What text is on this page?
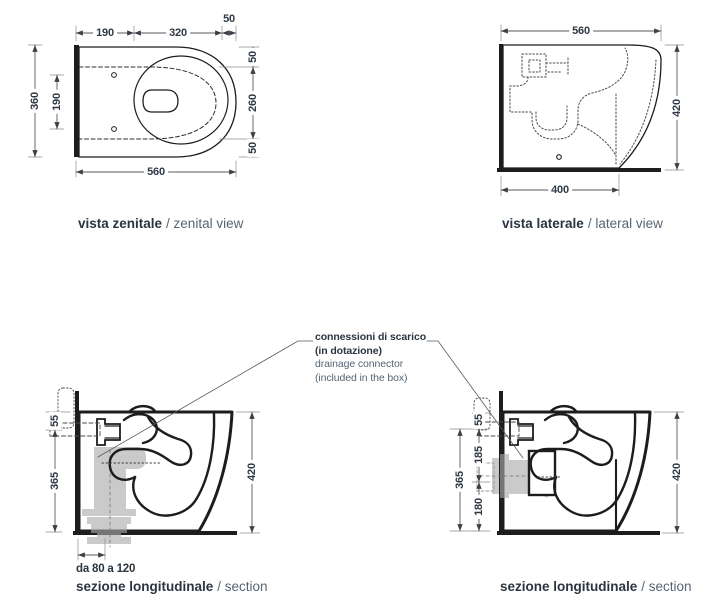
190	320
50
50
260
50
360 190
560
vista zenitale / zenital view
560
420
400
vista laterale / lateral view
connessioni di scarico
(in dotazione)
drainage connector
(included in the box)
55
365
420
da 80 a 120
sezione longitudinale / section
55
185
180
365	420
sezione longitudinale / section
